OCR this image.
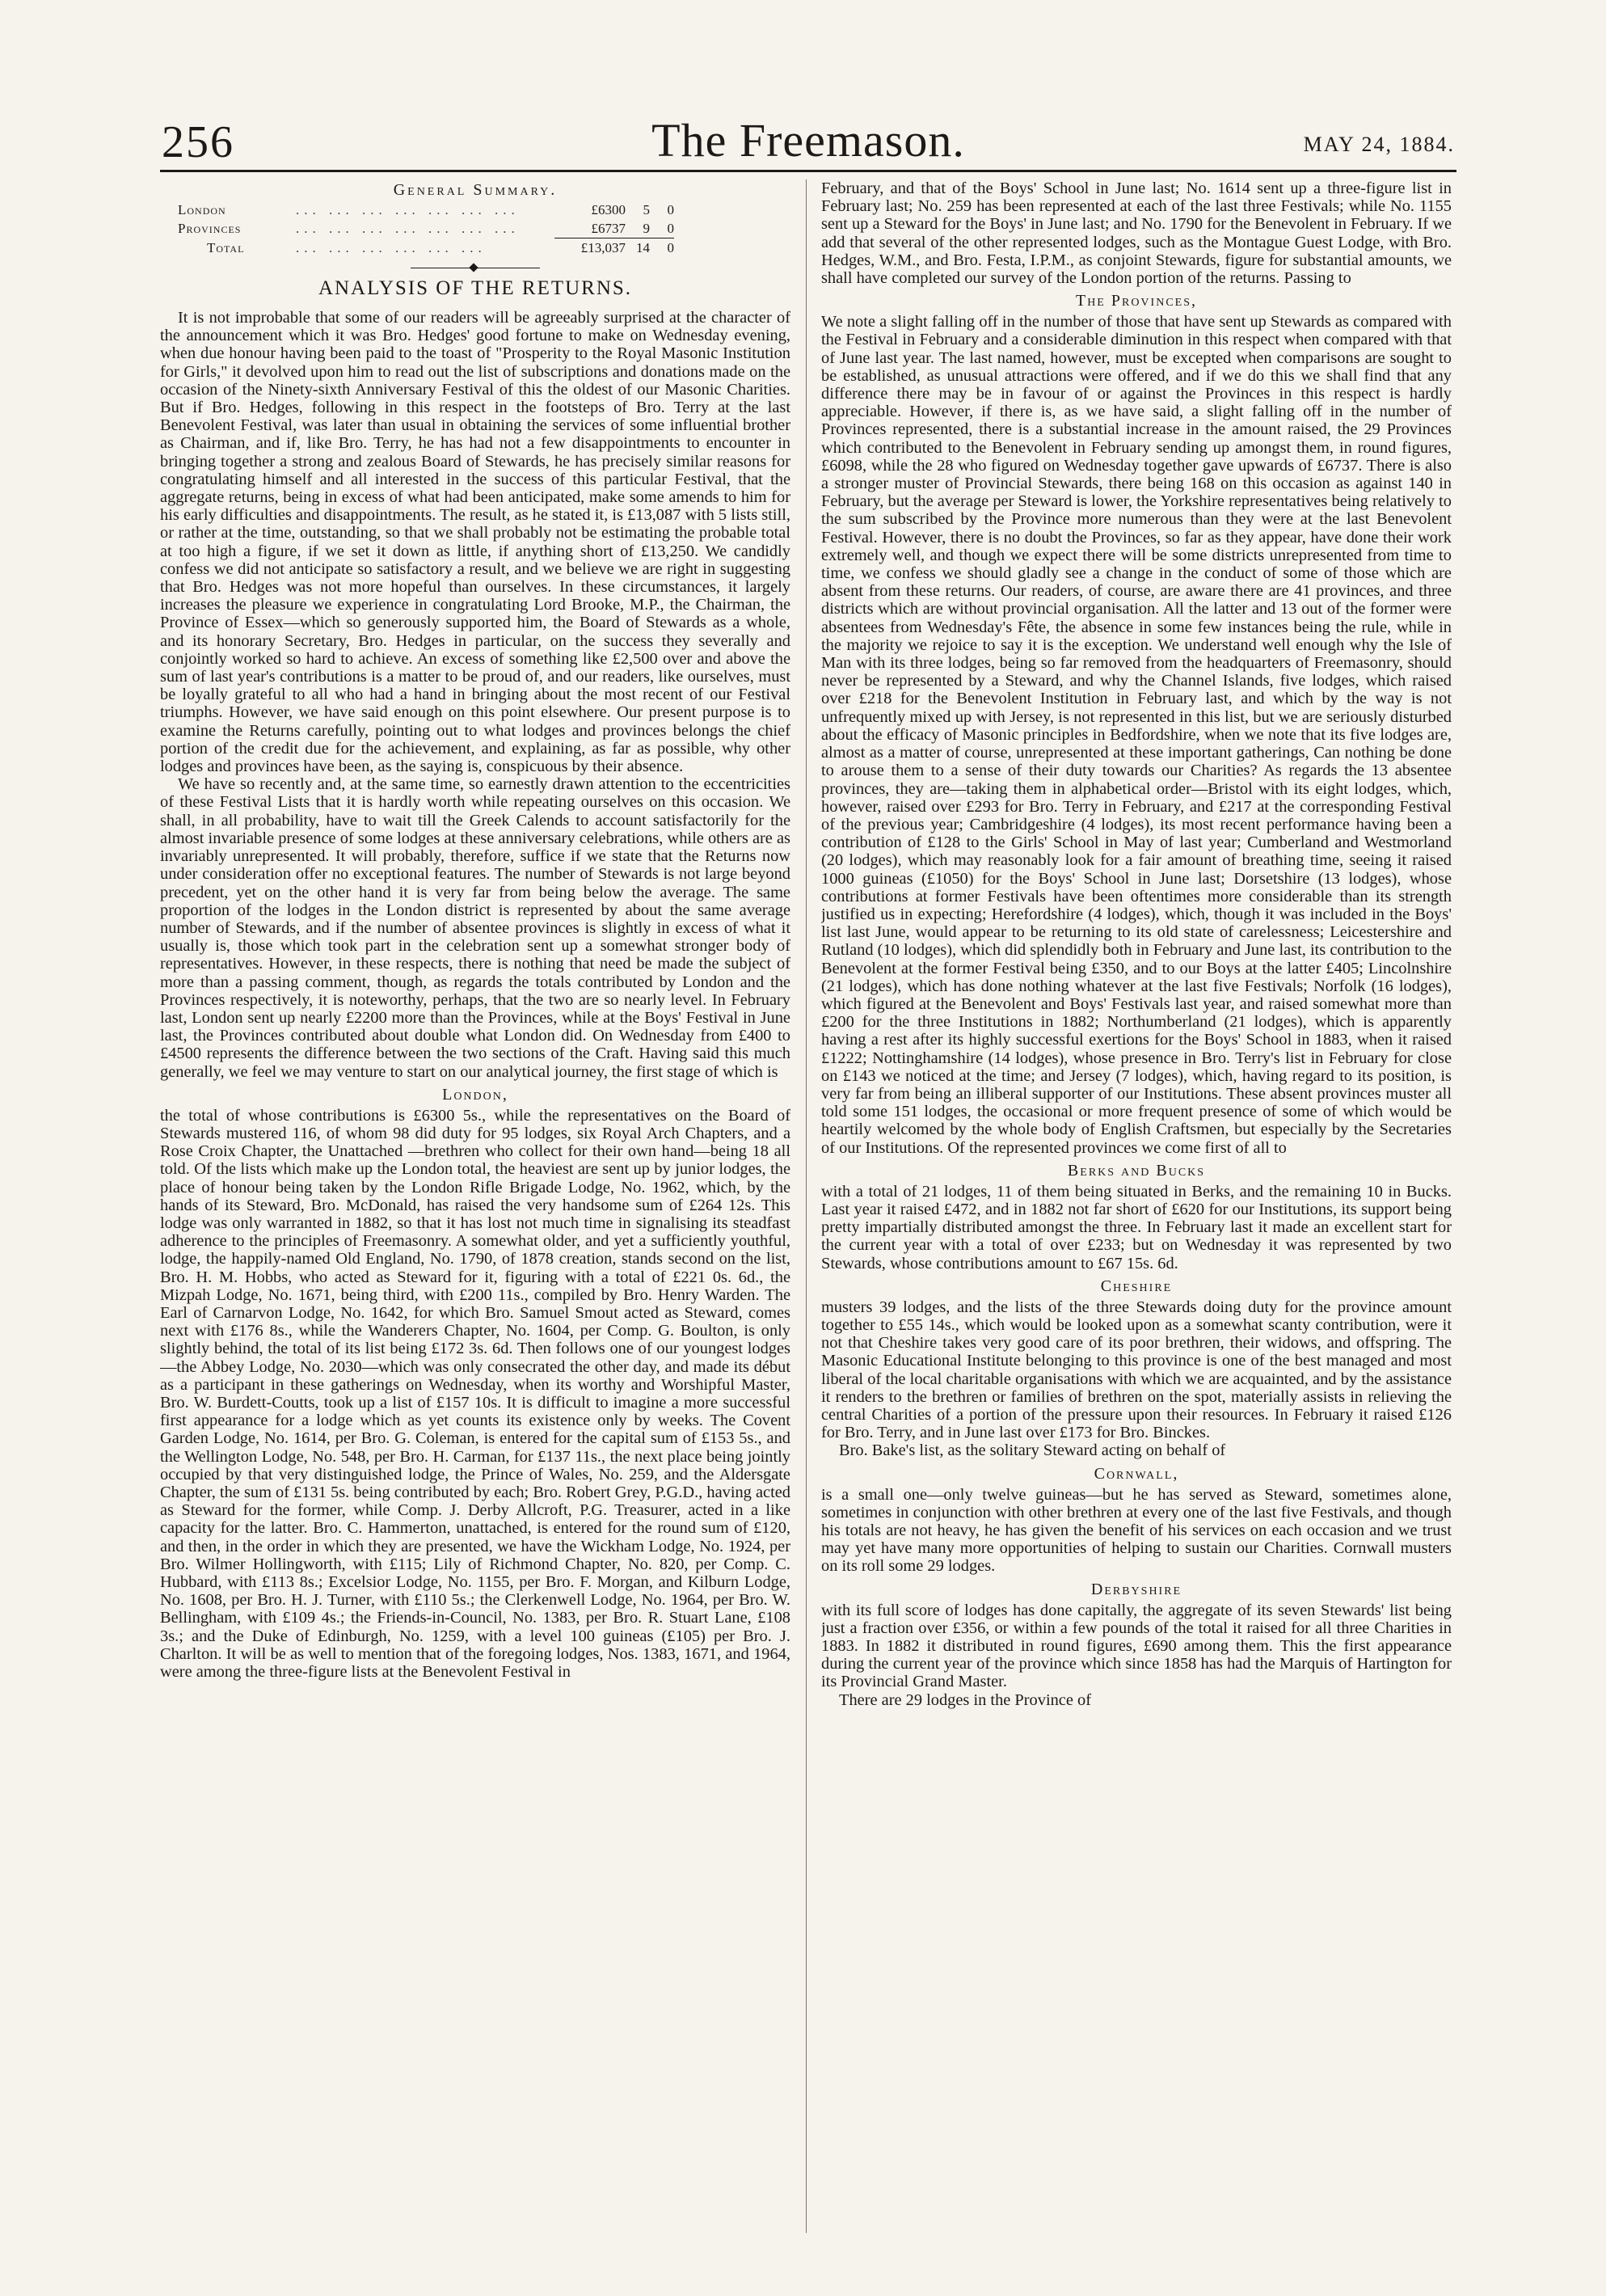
256	The Freemason.	MAY 24, 1884.
General Summary.
London	... ... ... ... ... ... ...	£6300	5	0
Provinces	... ... ... ... ... ... ...	£6737	9	0
Total	... ... ... ... ... ...	£13,037	14	0
ANALYSIS OF THE RETURNS.

It is not improbable that some of our readers will be agreeably surprised at the character of the announcement which it was Bro. Hedges' good fortune to make on Wednesday evening, when due honour having been paid to the toast of "Prosperity to the Royal Masonic Institution for Girls," it devolved upon him to read out the list of subscriptions and donations made on the occasion of the Ninety-sixth Anniversary Festival of this the oldest of our Masonic Charities. But if Bro. Hedges, following in this respect in the footsteps of Bro. Terry at the last Benevolent Festival, was later than usual in obtaining the services of some influential brother as Chairman, and if, like Bro. Terry, he has had not a few disappointments to encounter in bringing together a strong and zealous Board of Stewards, he has precisely similar reasons for congratulating himself and all interested in the success of this particular Festival, that the aggregate returns, being in excess of what had been anticipated, make some amends to him for his early difficulties and disappointments. The result, as he stated it, is £13,087 with 5 lists still, or rather at the time, outstanding, so that we shall probably not be estimating the probable total at too high a figure, if we set it down as little, if anything short of £13,250. We candidly confess we did not anticipate so satisfactory a result, and we believe we are right in suggesting that Bro. Hedges was not more hopeful than ourselves. In these circumstances, it largely increases the pleasure we experience in congratulating Lord Brooke, M.P., the Chairman, the Province of Essex—which so generously supported him, the Board of Stewards as a whole, and its honorary Secretary, Bro. Hedges in particular, on the success they severally and conjointly worked so hard to achieve. An excess of something like £2,500 over and above the sum of last year's contributions is a matter to be proud of, and our readers, like ourselves, must be loyally grateful to all who had a hand in bringing about the most recent of our Festival triumphs. However, we have said enough on this point elsewhere. Our present purpose is to examine the Returns carefully, pointing out to what lodges and provinces belongs the chief portion of the credit due for the achievement, and explaining, as far as possible, why other lodges and provinces have been, as the saying is, conspicuous by their absence.

We have so recently and, at the same time, so earnestly drawn attention to the eccentricities of these Festival Lists that it is hardly worth while repeating ourselves on this occasion. We shall, in all probability, have to wait till the Greek Calends to account satisfactorily for the almost invariable presence of some lodges at these anniversary celebrations, while others are as invariably unrepresented. It will probably, therefore, suffice if we state that the Returns now under consideration offer no exceptional features. The number of Stewards is not large beyond precedent, yet on the other hand it is very far from being below the average. The same proportion of the lodges in the London district is represented by about the same average number of Stewards, and if the number of absentee provinces is slightly in excess of what it usually is, those which took part in the celebration sent up a somewhat stronger body of representatives. However, in these respects, there is nothing that need be made the subject of more than a passing comment, though, as regards the totals contributed by London and the Provinces respectively, it is noteworthy, perhaps, that the two are so nearly level. In February last, London sent up nearly £2200 more than the Provinces, while at the Boys' Festival in June last, the Provinces contributed about double what London did. On Wednesday from £400 to £4500 represents the difference between the two sections of the Craft. Having said this much generally, we feel we may venture to start on our analytical journey, the first stage of which is

London,

the total of whose contributions is £6300 5s., while the representatives on the Board of Stewards mustered 116, of whom 98 did duty for 95 lodges, six Royal Arch Chapters, and a Rose Croix Chapter, the Unattached —brethren who collect for their own hand—being 18 all told. Of the lists which make up the London total, the heaviest are sent up by junior lodges, the place of honour being taken by the London Rifle Brigade Lodge, No. 1962, which, by the hands of its Steward, Bro. McDonald, has raised the very handsome sum of £264 12s. This lodge was only warranted in 1882, so that it has lost not much time in signalising its steadfast adherence to the principles of Freemasonry. A somewhat older, and yet a sufficiently youthful, lodge, the happily-named Old England, No. 1790, of 1878 creation, stands second on the list, Bro. H. M. Hobbs, who acted as Steward for it, figuring with a total of £221 0s. 6d., the Mizpah Lodge, No. 1671, being third, with £200 11s., compiled by Bro. Henry Warden. The Earl of Carnarvon Lodge, No. 1642, for which Bro. Samuel Smout acted as Steward, comes next with £176 8s., while the Wanderers Chapter, No. 1604, per Comp. G. Boulton, is only slightly behind, the total of its list being £172 3s. 6d. Then follows one of our youngest lodges—the Abbey Lodge, No. 2030—which was only consecrated the other day, and made its début as a participant in these gatherings on Wednesday, when its worthy and Worshipful Master, Bro. W. Burdett-Coutts, took up a list of £157 10s. It is difficult to imagine a more successful first appearance for a lodge which as yet counts its existence only by weeks. The Covent Garden Lodge, No. 1614, per Bro. G. Coleman, is entered for the capital sum of £153 5s., and the Wellington Lodge, No. 548, per Bro. H. Carman, for £137 11s., the next place being jointly occupied by that very distinguished lodge, the Prince of Wales, No. 259, and the Aldersgate Chapter, the sum of £131 5s. being contributed by each; Bro. Robert Grey, P.G.D., having acted as Steward for the former, while Comp. J. Derby Allcroft, P.G. Treasurer, acted in a like capacity for the latter. Bro. C. Hammerton, unattached, is entered for the round sum of £120, and then, in the order in which they are presented, we have the Wickham Lodge, No. 1924, per Bro. Wilmer Hollingworth, with £115; Lily of Richmond Chapter, No. 820, per Comp. C. Hubbard, with £113 8s.; Excelsior Lodge, No. 1155, per Bro. F. Morgan, and Kilburn Lodge, No. 1608, per Bro. H. J. Turner, with £110 5s.; the Clerkenwell Lodge, No. 1964, per Bro. W. Bellingham, with £109 4s.; the Friends-in-Council, No. 1383, per Bro. R. Stuart Lane, £108 3s.; and the Duke of Edinburgh, No. 1259, with a level 100 guineas (£105) per Bro. J. Charlton. It will be as well to mention that of the foregoing lodges, Nos. 1383, 1671, and 1964, were among the three-figure lists at the Benevolent Festival in

February, and that of the Boys' School in June last; No. 1614 sent up a three-figure list in February last; No. 259 has been represented at each of the last three Festivals; while No. 1155 sent up a Steward for the Boys' in June last; and No. 1790 for the Benevolent in February. If we add that several of the other represented lodges, such as the Montague Guest Lodge, with Bro. Hedges, W.M., and Bro. Festa, I.P.M., as conjoint Stewards, figure for substantial amounts, we shall have completed our survey of the London portion of the returns. Passing to

The Provinces,

We note a slight falling off in the number of those that have sent up Stewards as compared with the Festival in February and a considerable diminution in this respect when compared with that of June last year. The last named, however, must be excepted when comparisons are sought to be established, as unusual attractions were offered, and if we do this we shall find that any difference there may be in favour of or against the Provinces in this respect is hardly appreciable. However, if there is, as we have said, a slight falling off in the number of Provinces represented, there is a substantial increase in the amount raised, the 29 Provinces which contributed to the Benevolent in February sending up amongst them, in round figures, £6098, while the 28 who figured on Wednesday together gave upwards of £6737. There is also a stronger muster of Provincial Stewards, there being 168 on this occasion as against 140 in February, but the average per Steward is lower, the Yorkshire representatives being relatively to the sum subscribed by the Province more numerous than they were at the last Benevolent Festival. However, there is no doubt the Provinces, so far as they appear, have done their work extremely well, and though we expect there will be some districts unrepresented from time to time, we confess we should gladly see a change in the conduct of some of those which are absent from these returns. Our readers, of course, are aware there are 41 provinces, and three districts which are without provincial organisation. All the latter and 13 out of the former were absentees from Wednesday's Fête, the absence in some few instances being the rule, while in the majority we rejoice to say it is the exception. We understand well enough why the Isle of Man with its three lodges, being so far removed from the headquarters of Freemasonry, should never be represented by a Steward, and why the Channel Islands, five lodges, which raised over £218 for the Benevolent Institution in February last, and which by the way is not unfrequently mixed up with Jersey, is not represented in this list, but we are seriously disturbed about the efficacy of Masonic principles in Bedfordshire, when we note that its five lodges are, almost as a matter of course, unrepresented at these important gatherings, Can nothing be done to arouse them to a sense of their duty towards our Charities? As regards the 13 absentee provinces, they are—taking them in alphabetical order—Bristol with its eight lodges, which, however, raised over £293 for Bro. Terry in February, and £217 at the corresponding Festival of the previous year; Cambridgeshire (4 lodges), its most recent performance having been a contribution of £128 to the Girls' School in May of last year; Cumberland and Westmorland (20 lodges), which may reasonably look for a fair amount of breathing time, seeing it raised 1000 guineas (£1050) for the Boys' School in June last; Dorsetshire (13 lodges), whose contributions at former Festivals have been oftentimes more considerable than its strength justified us in expecting; Herefordshire (4 lodges), which, though it was included in the Boys' list last June, would appear to be returning to its old state of carelessness; Leicestershire and Rutland (10 lodges), which did splendidly both in February and June last, its contribution to the Benevolent at the former Festival being £350, and to our Boys at the latter £405; Lincolnshire (21 lodges), which has done nothing whatever at the last five Festivals; Norfolk (16 lodges), which figured at the Benevolent and Boys' Festivals last year, and raised somewhat more than £200 for the three Institutions in 1882; Northumberland (21 lodges), which is apparently having a rest after its highly successful exertions for the Boys' School in 1883, when it raised £1222; Nottinghamshire (14 lodges), whose presence in Bro. Terry's list in February for close on £143 we noticed at the time; and Jersey (7 lodges), which, having regard to its position, is very far from being an illiberal supporter of our Institutions. These absent provinces muster all told some 151 lodges, the occasional or more frequent presence of some of which would be heartily welcomed by the whole body of English Craftsmen, but especially by the Secretaries of our Institutions. Of the represented provinces we come first of all to

Berks and Bucks

with a total of 21 lodges, 11 of them being situated in Berks, and the remaining 10 in Bucks. Last year it raised £472, and in 1882 not far short of £620 for our Institutions, its support being pretty impartially distributed amongst the three. In February last it made an excellent start for the current year with a total of over £233; but on Wednesday it was represented by two Stewards, whose contributions amount to £67 15s. 6d.

Cheshire

musters 39 lodges, and the lists of the three Stewards doing duty for the province amount together to £55 14s., which would be looked upon as a somewhat scanty contribution, were it not that Cheshire takes very good care of its poor brethren, their widows, and offspring. The Masonic Educational Institute belonging to this province is one of the best managed and most liberal of the local charitable organisations with which we are acquainted, and by the assistance it renders to the brethren or families of brethren on the spot, materially assists in relieving the central Charities of a portion of the pressure upon their resources. In February it raised £126 for Bro. Terry, and in June last over £173 for Bro. Binckes.

Bro. Bake's list, as the solitary Steward acting on behalf of

Cornwall,

is a small one—only twelve guineas—but he has served as Steward, sometimes alone, sometimes in conjunction with other brethren at every one of the last five Festivals, and though his totals are not heavy, he has given the benefit of his services on each occasion and we trust may yet have many more opportunities of helping to sustain our Charities. Cornwall musters on its roll some 29 lodges.

Derbyshire

with its full score of lodges has done capitally, the aggregate of its seven Stewards' list being just a fraction over £356, or within a few pounds of the total it raised for all three Charities in 1883. In 1882 it distributed in round figures, £690 among them. This the first appearance during the current year of the province which since 1858 has had the Marquis of Hartington for its Provincial Grand Master.

There are 29 lodges in the Province of
